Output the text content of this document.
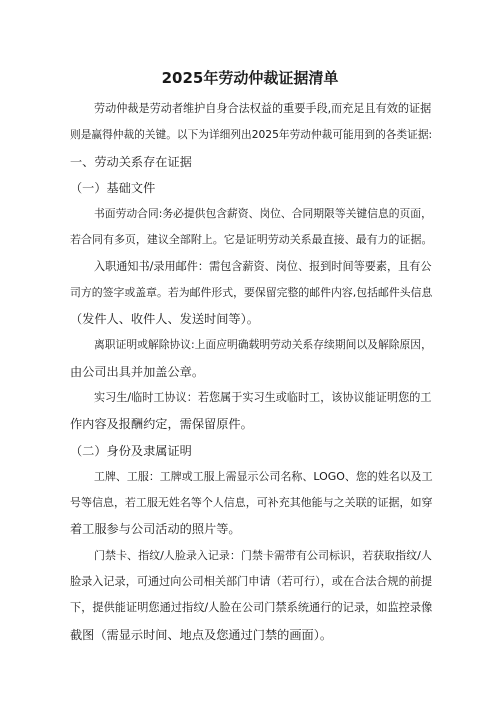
2025年劳动仲裁证据清单
劳动仲裁是劳动者维护自身合法权益的重要手段,而充足且有效的证据
则是赢得仲裁的关键。以下为详细列出2025年劳动仲裁可能用到的各类证据:
一、劳动关系存在证据
（一）基础文件
书面劳动合同:务必提供包含薪资、岗位、合同期限等关键信息的页面，
若合同有多页，建议全部附上。它是证明劳动关系最直接、最有力的证据。
入职通知书/录用邮件：需包含薪资、岗位、报到时间等要素，且有公
司方的签字或盖章。若为邮件形式，要保留完整的邮件内容,包括邮件头信息
（发件人、收件人、发送时间等）。
离职证明或解除协议:上面应明确载明劳动关系存续期间以及解除原因，
由公司出具并加盖公章。
实习生/临时工协议：若您属于实习生或临时工，该协议能证明您的工
作内容及报酬约定，需保留原件。
（二）身份及隶属证明
工牌、工服：工牌或工服上需显示公司名称、LOGO、您的姓名以及工
号等信息，若工服无姓名等个人信息，可补充其他能与之关联的证据，如穿
着工服参与公司活动的照片等。
门禁卡、指纹/人脸录入记录：门禁卡需带有公司标识，若获取指纹/人
脸录入记录，可通过向公司相关部门申请（若可行），或在合法合规的前提
下，提供能证明您通过指纹/人脸在公司门禁系统通行的记录，如监控录像
截图（需显示时间、地点及您通过门禁的画面）。
